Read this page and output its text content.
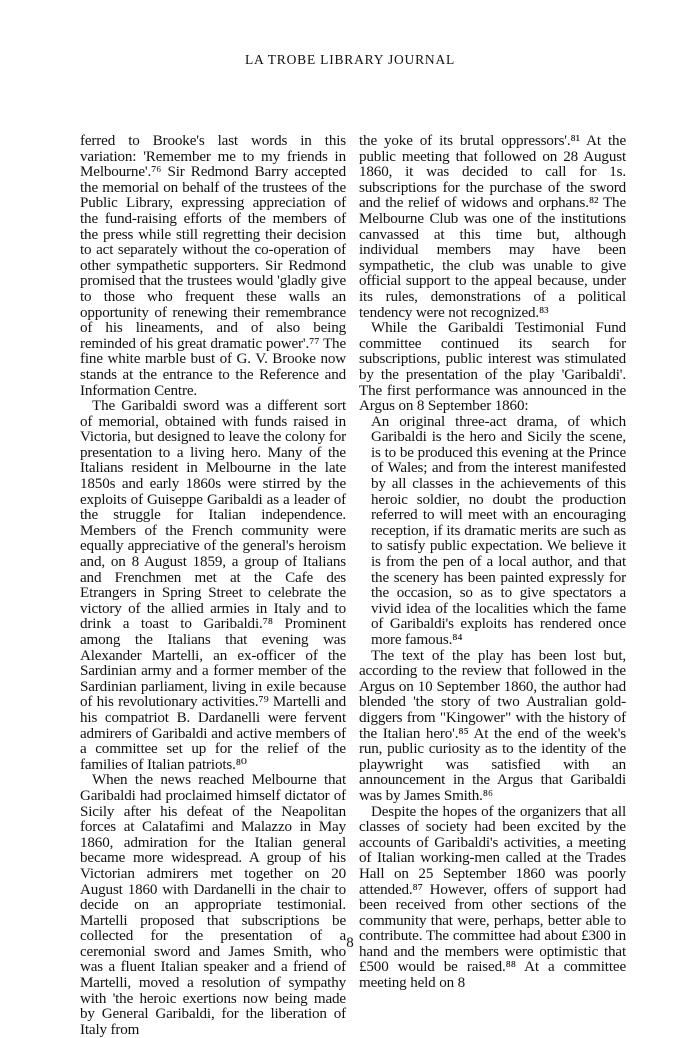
LA TROBE LIBRARY JOURNAL

ferred to Brooke's last words in this variation: 'Remember me to my friends in Melbourne'.⁷⁶ Sir Redmond Barry accepted the memorial on behalf of the trustees of the Public Library, expressing appreciation of the fund-raising efforts of the members of the press while still regretting their decision to act separately without the co-operation of other sympathetic supporters. Sir Redmond promised that the trustees would 'gladly give to those who frequent these walls an opportunity of renewing their remembrance of his lineaments, and of also being reminded of his great dramatic power'.⁷⁷ The fine white marble bust of G. V. Brooke now stands at the entrance to the Reference and Information Centre.

The Garibaldi sword was a different sort of memorial, obtained with funds raised in Victoria, but designed to leave the colony for presentation to a living hero. Many of the Italians resident in Melbourne in the late 1850s and early 1860s were stirred by the exploits of Guiseppe Garibaldi as a leader of the struggle for Italian independence. Members of the French community were equally appreciative of the general's heroism and, on 8 August 1859, a group of Italians and Frenchmen met at the Cafe des Etrangers in Spring Street to celebrate the victory of the allied armies in Italy and to drink a toast to Garibaldi.⁷⁸ Prominent among the Italians that evening was Alexander Martelli, an ex-officer of the Sardinian army and a former member of the Sardinian parliament, living in exile because of his revolutionary activities.⁷⁹ Martelli and his compatriot B. Dardanelli were fervent admirers of Garibaldi and active members of a committee set up for the relief of the families of Italian patriots.⁸⁰

When the news reached Melbourne that Garibaldi had proclaimed himself dictator of Sicily after his defeat of the Neapolitan forces at Calatafimi and Malazzo in May 1860, admiration for the Italian general became more widespread. A group of his Victorian admirers met together on 20 August 1860 with Dardanelli in the chair to decide on an appropriate testimonial. Martelli proposed that subscriptions be collected for the presentation of a ceremonial sword and James Smith, who was a fluent Italian speaker and a friend of Martelli, moved a resolution of sympathy with 'the heroic exertions now being made by General Garibaldi, for the liberation of Italy from

the yoke of its brutal oppressors'.⁸¹ At the public meeting that followed on 28 August 1860, it was decided to call for 1s. subscriptions for the purchase of the sword and the relief of widows and orphans.⁸² The Melbourne Club was one of the institutions canvassed at this time but, although individual members may have been sympathetic, the club was unable to give official support to the appeal because, under its rules, demonstrations of a political tendency were not recognized.⁸³

While the Garibaldi Testimonial Fund committee continued its search for subscriptions, public interest was stimulated by the presentation of the play 'Garibaldi'. The first performance was announced in the Argus on 8 September 1860:

An original three-act drama, of which Garibaldi is the hero and Sicily the scene, is to be produced this evening at the Prince of Wales; and from the interest manifested by all classes in the achievements of this heroic soldier, no doubt the production referred to will meet with an encouraging reception, if its dramatic merits are such as to satisfy public expectation. We believe it is from the pen of a local author, and that the scenery has been painted expressly for the occasion, so as to give spectators a vivid idea of the localities which the fame of Garibaldi's exploits has rendered once more famous.⁸⁴

The text of the play has been lost but, according to the review that followed in the Argus on 10 September 1860, the author had blended 'the story of two Australian gold-diggers from "Kingower" with the history of the Italian hero'.⁸⁵ At the end of the week's run, public curiosity as to the identity of the playwright was satisfied with an announcement in the Argus that Garibaldi was by James Smith.⁸⁶

Despite the hopes of the organizers that all classes of society had been excited by the accounts of Garibaldi's activities, a meeting of Italian working-men called at the Trades Hall on 25 September 1860 was poorly attended.⁸⁷ However, offers of support had been received from other sections of the community that were, perhaps, better able to contribute. The committee had about £300 in hand and the members were optimistic that £500 would be raised.⁸⁸ At a committee meeting held on 8

8
